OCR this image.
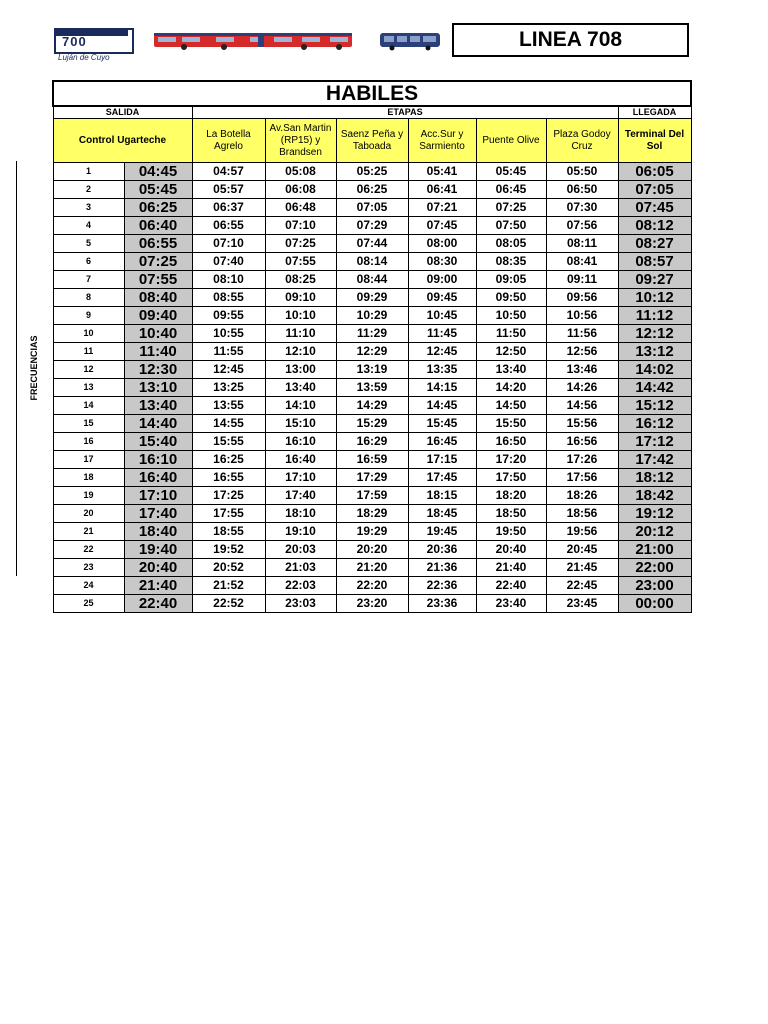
700
Luján de Cuyo
LINEA 708
FRECUENCIAS
HABILES								
SALIDA		ETAPAS						LLEGADA
Control Ugarteche		La Botella Agrelo	Av.San Martin (RP15) y Brandsen	Saenz Peña y Taboada	Acc.Sur y Sarmiento	Puente Olive	Plaza Godoy Cruz	Terminal Del Sol
1	04:45	04:57	05:08	05:25	05:41	05:45	05:50	06:05
2	05:45	05:57	06:08	06:25	06:41	06:45	06:50	07:05
3	06:25	06:37	06:48	07:05	07:21	07:25	07:30	07:45
4	06:40	06:55	07:10	07:29	07:45	07:50	07:56	08:12
5	06:55	07:10	07:25	07:44	08:00	08:05	08:11	08:27
6	07:25	07:40	07:55	08:14	08:30	08:35	08:41	08:57
7	07:55	08:10	08:25	08:44	09:00	09:05	09:11	09:27
8	08:40	08:55	09:10	09:29	09:45	09:50	09:56	10:12
9	09:40	09:55	10:10	10:29	10:45	10:50	10:56	11:12
10	10:40	10:55	11:10	11:29	11:45	11:50	11:56	12:12
11	11:40	11:55	12:10	12:29	12:45	12:50	12:56	13:12
12	12:30	12:45	13:00	13:19	13:35	13:40	13:46	14:02
13	13:10	13:25	13:40	13:59	14:15	14:20	14:26	14:42
14	13:40	13:55	14:10	14:29	14:45	14:50	14:56	15:12
15	14:40	14:55	15:10	15:29	15:45	15:50	15:56	16:12
16	15:40	15:55	16:10	16:29	16:45	16:50	16:56	17:12
17	16:10	16:25	16:40	16:59	17:15	17:20	17:26	17:42
18	16:40	16:55	17:10	17:29	17:45	17:50	17:56	18:12
19	17:10	17:25	17:40	17:59	18:15	18:20	18:26	18:42
20	17:40	17:55	18:10	18:29	18:45	18:50	18:56	19:12
21	18:40	18:55	19:10	19:29	19:45	19:50	19:56	20:12
22	19:40	19:52	20:03	20:20	20:36	20:40	20:45	21:00
23	20:40	20:52	21:03	21:20	21:36	21:40	21:45	22:00
24	21:40	21:52	22:03	22:20	22:36	22:40	22:45	23:00
25	22:40	22:52	23:03	23:20	23:36	23:40	23:45	00:00
